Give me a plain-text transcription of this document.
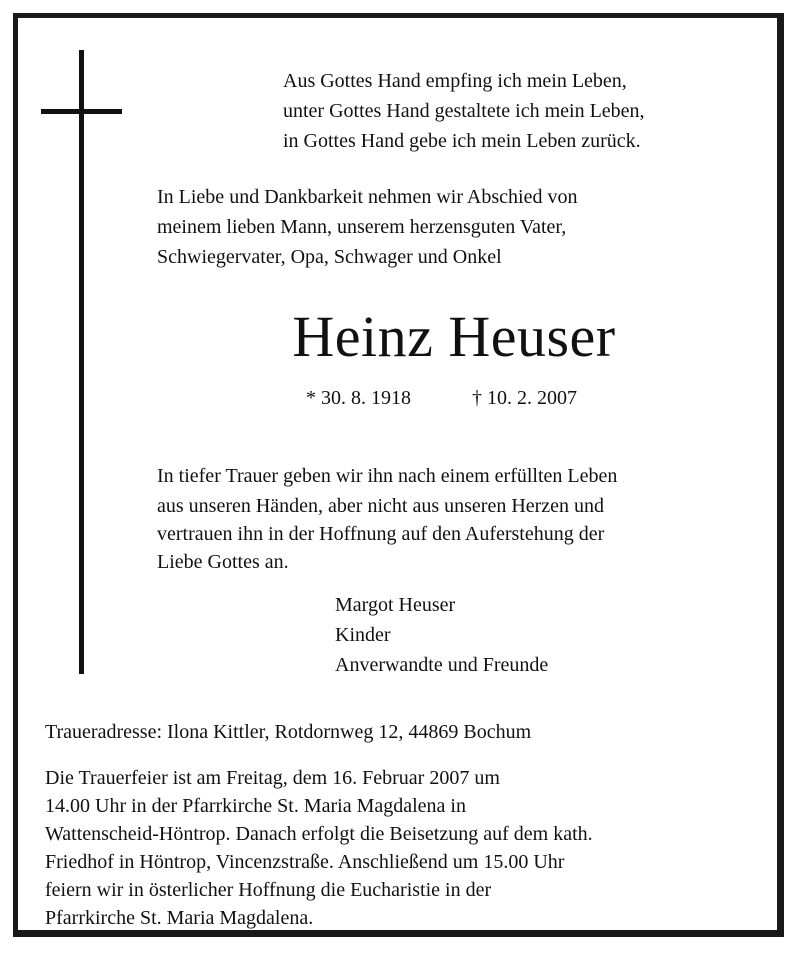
Aus Gottes Hand empfing ich mein Leben,
unter Gottes Hand gestaltete ich mein Leben,
in Gottes Hand gebe ich mein Leben zurück.
In Liebe und Dankbarkeit nehmen wir Abschied von
meinem lieben Mann, unserem herzensguten Vater,
Schwiegervater, Opa, Schwager und Onkel
Heinz Heuser
* 30. 8. 1918	† 10. 2. 2007
In tiefer Trauer geben wir ihn nach einem erfüllten Leben
aus unseren Händen, aber nicht aus unseren Herzen und
vertrauen ihn in der Hoffnung auf den Auferstehung der
Liebe Gottes an.
Margot Heuser
Kinder
Anverwandte und Freunde
Traueradresse: Ilona Kittler, Rotdornweg 12, 44869 Bochum
Die Trauerfeier ist am Freitag, dem 16. Februar 2007 um
14.00 Uhr in der Pfarrkirche St. Maria Magdalena in
Wattenscheid-Höntrop. Danach erfolgt die Beisetzung auf dem kath.
Friedhof in Höntrop, Vincenzstraße. Anschließend um 15.00 Uhr
feiern wir in österlicher Hoffnung die Eucharistie in der
Pfarrkirche St. Maria Magdalena.
